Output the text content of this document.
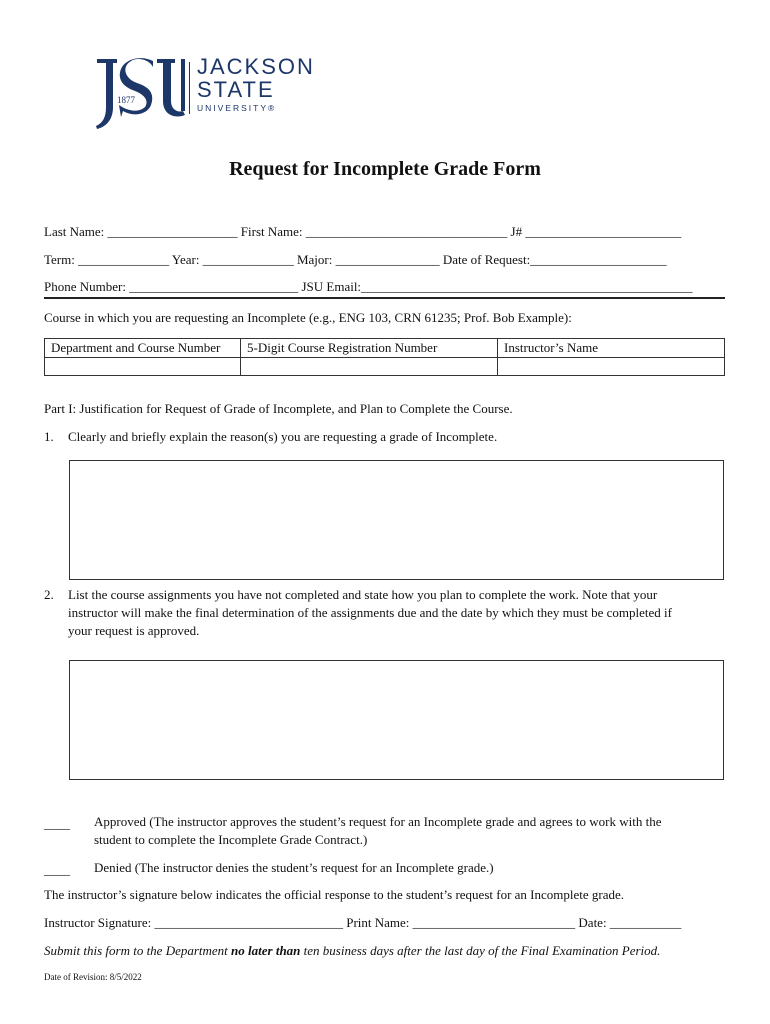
1877
JACKSON
STATE
UNIVERSITY®
Request for Incomplete Grade Form
Last Name: ____________________ First Name: _______________________________ J# ________________________
Term: ______________ Year: ______________ Major: ________________ Date of Request:_____________________
Phone Number: __________________________ JSU Email:___________________________________________________
Course in which you are requesting an Incomplete (e.g., ENG 103, CRN 61235; Prof. Bob Example):
Department and Course Number	5-Digit Course Registration Number	Instructor’s Name

Part I: Justification for Request of Grade of Incomplete, and Plan to Complete the Course.
1. Clearly and briefly explain the reason(s) you are requesting a grade of Incomplete.
2. List the course assignments you have not completed and state how you plan to complete the work. Note that your
instructor will make the final determination of the assignments due and the date by which they must be completed if
your request is approved.
____ Approved (The instructor approves the student’s request for an Incomplete grade and agrees to work with the
student to complete the Incomplete Grade Contract.)
____ Denied (The instructor denies the student’s request for an Incomplete grade.)
The instructor’s signature below indicates the official response to the student’s request for an Incomplete grade.
Instructor Signature: _____________________________ Print Name: _________________________ Date: ___________
Submit this form to the Department no later than ten business days after the last day of the Final Examination Period.
Date of Revision: 8/5/2022
